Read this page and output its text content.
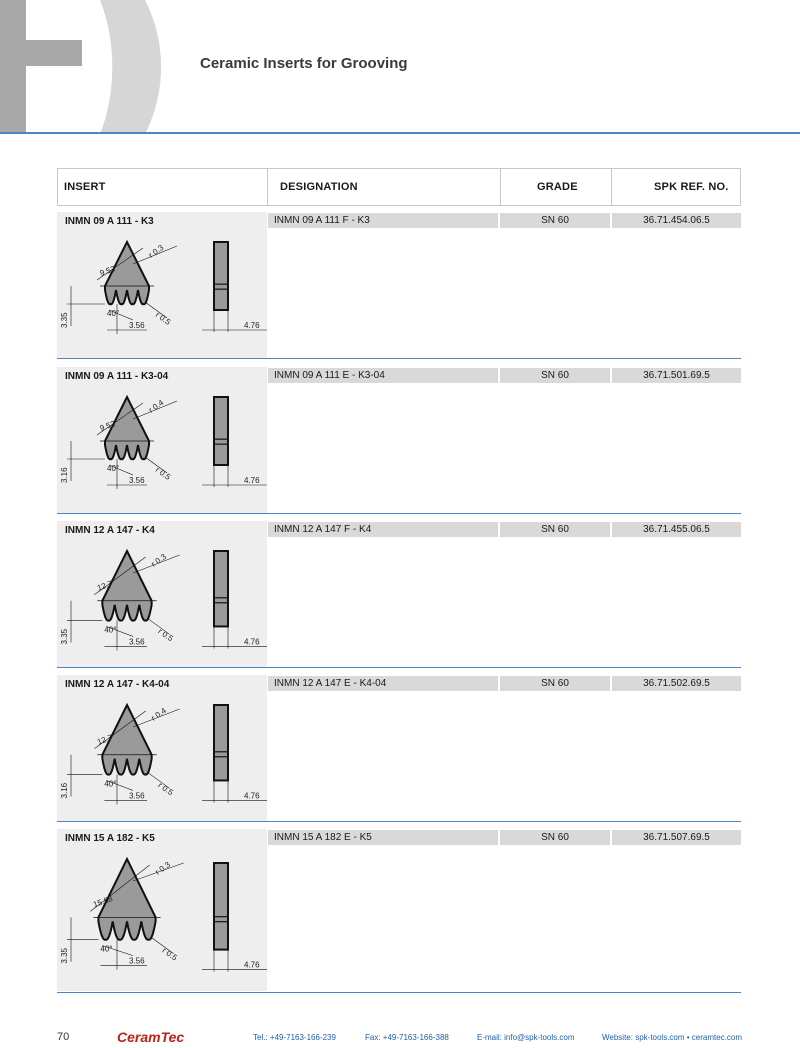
Ceramic Inserts for Grooving
INSERT	DESIGNATION	GRADE	SPK REF. NO.
INMN 09 A 111 - K3	INMN 09 A 111 F - K3	SN 60	36.71.454.06.5
9.52
r 0.3
r 0.5
3.35	40°
3.56	4.76
INMN 09 A 111 - K3-04	INMN 09 A 111 E - K3-04	SN 60	36.71.501.69.5
9.52
r 0.4
r 0.5
3.16	40°
3.56	4.76
INMN 12 A 147 - K4	INMN 12 A 147 F - K4	SN 60	36.71.455.06.5
12.7
r 0.3
r 0.5
3.35	40°
3.56	4.76
INMN 12 A 147 - K4-04	INMN 12 A 147 E - K4-04	SN 60	36.71.502.69.5
12.7
r 0.4
r 0.5
3.16	40°
3.56	4.76
INMN 15 A 182 - K5	INMN 15 A 182 E - K5	SN 60	36.71.507.69.5
15.88
r 0.3
r 0.5
3.35	40°
3.56	4.76
70	CeramTec	Tel.: +49-7163-166-239	Fax: +49-7163-166-388	E-mail: info@spk-tools.com	Website: spk-tools.com • ceramtec.com
